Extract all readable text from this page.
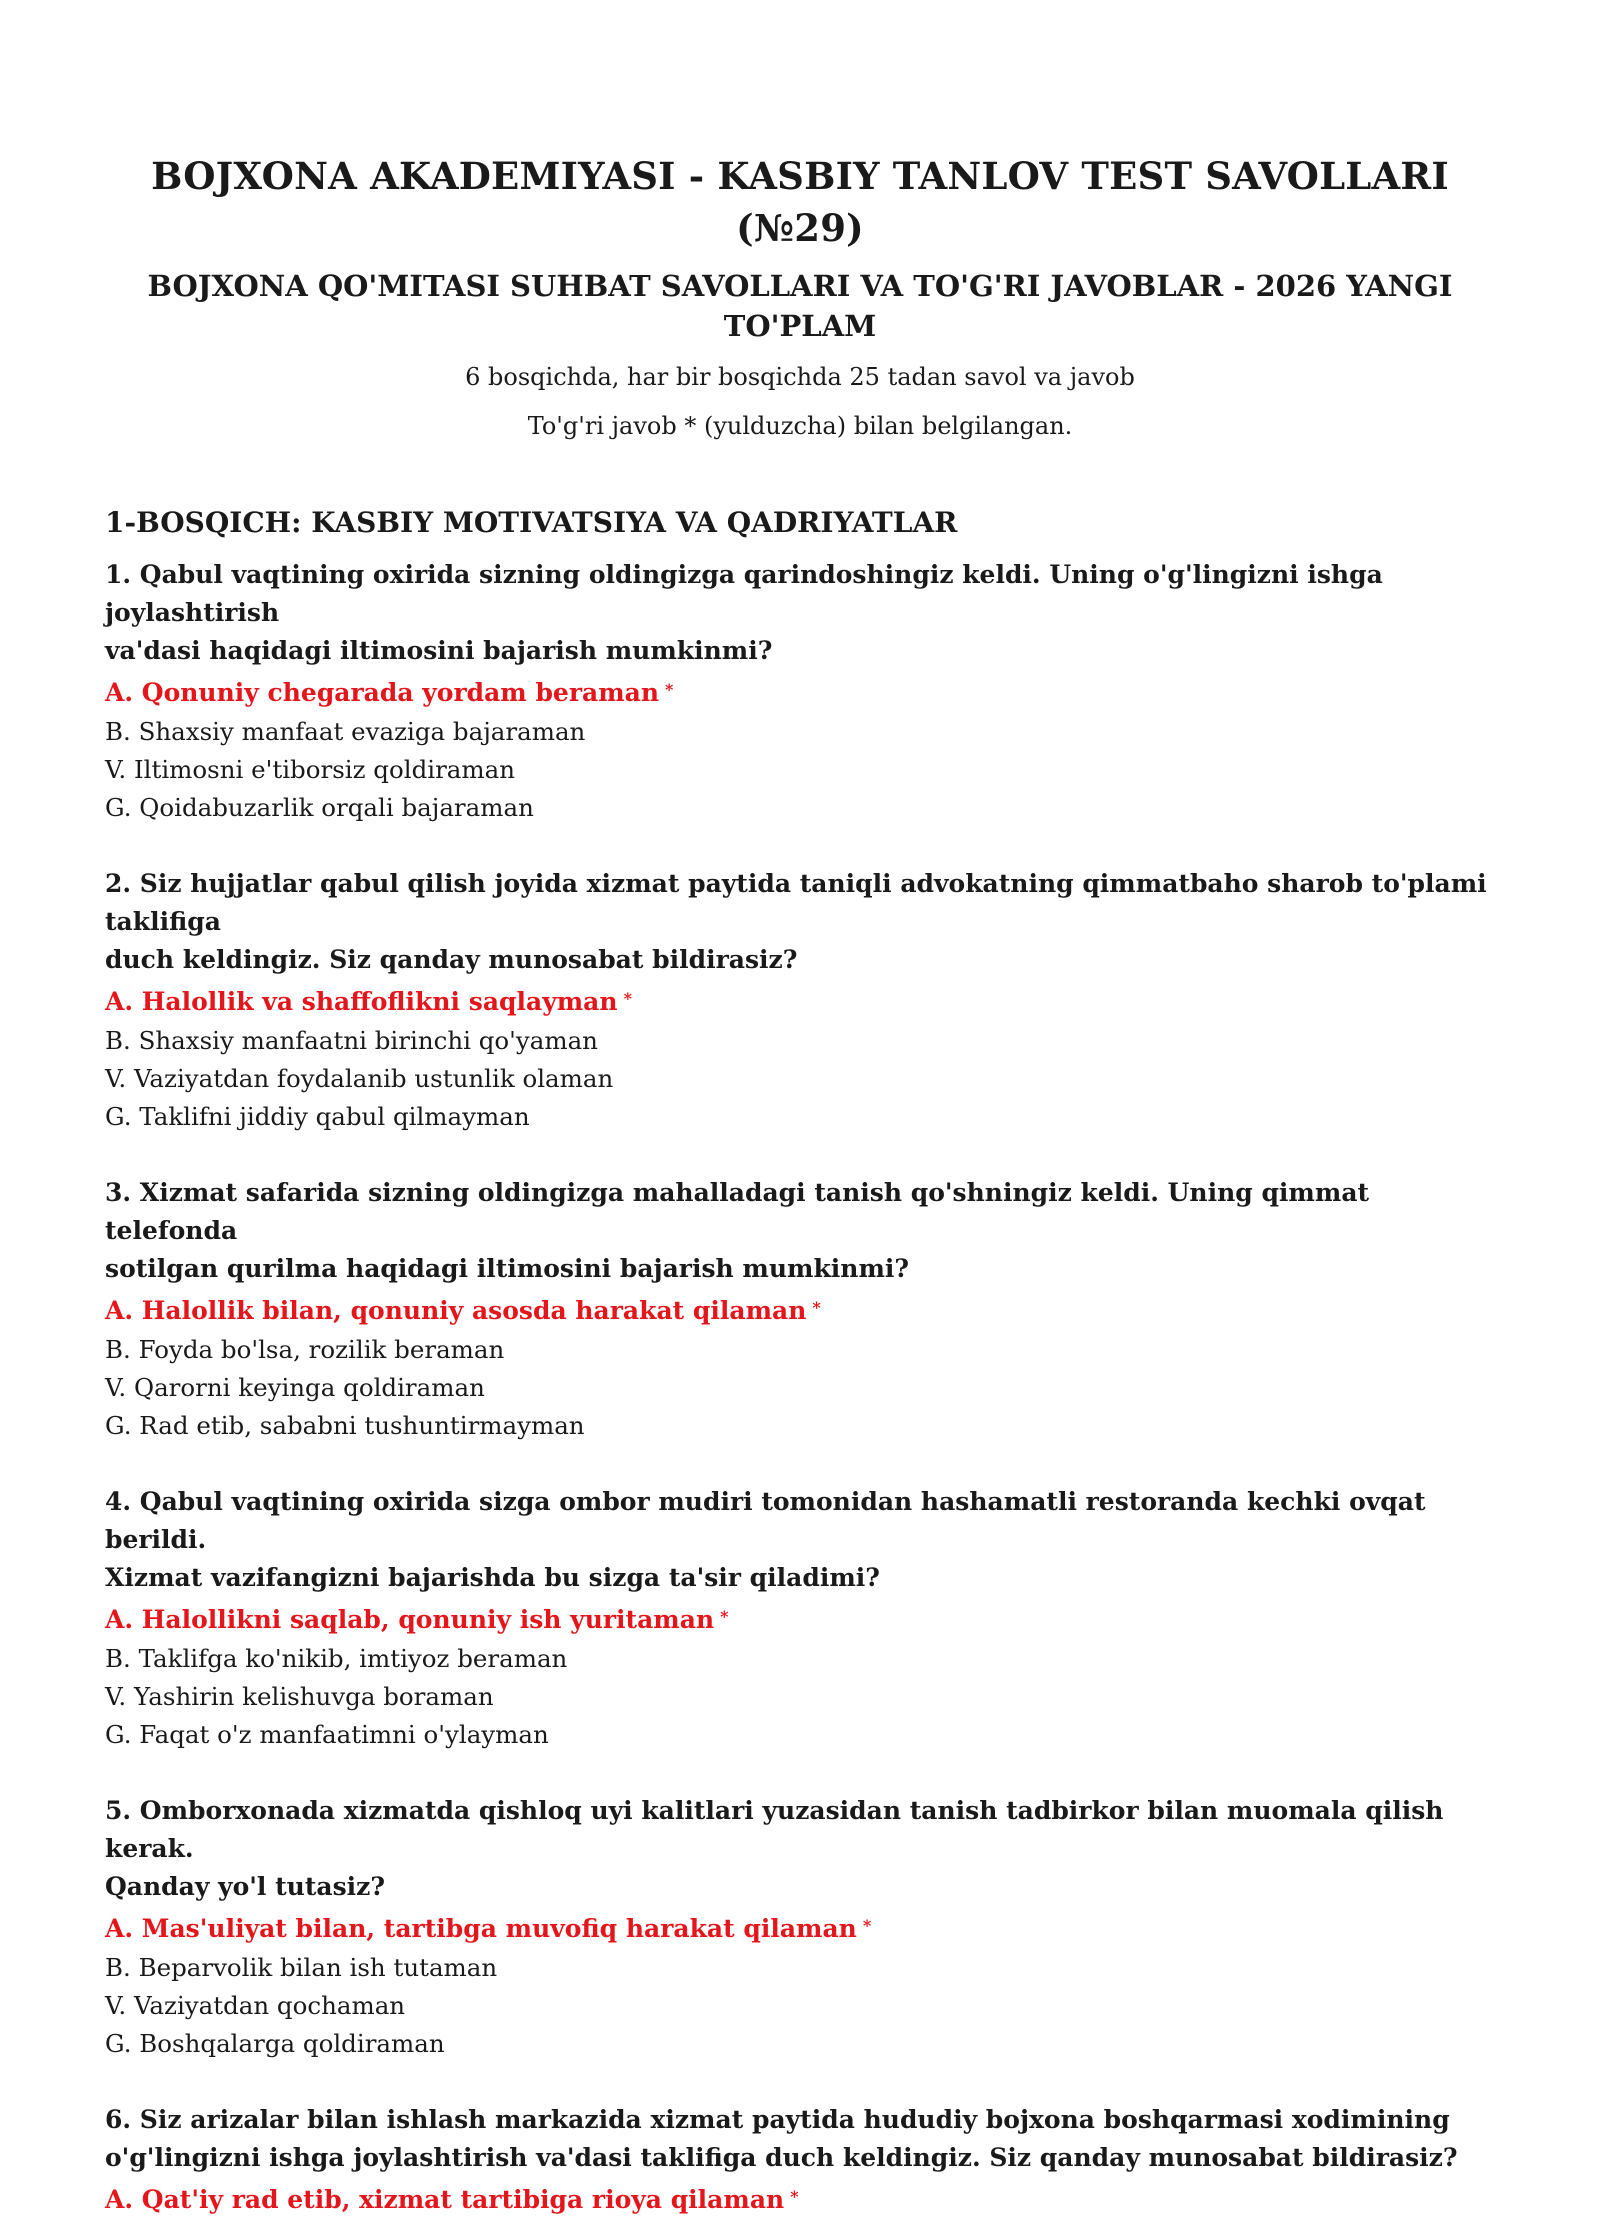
BOJXONA AKADEMIYASI - KASBIY TANLOV TEST SAVOLLARI (№29)
BOJXONA QO'MITASI SUHBAT SAVOLLARI VA TO'G'RI JAVOBLAR - 2026 YANGI TO'PLAM

6 bosqichda, har bir bosqichda 25 tadan savol va javob

To'g'ri javob * (yulduzcha) bilan belgilangan.

1-BOSQICH: KASBIY MOTIVATSIYA VA QADRIYATLAR

1. Qabul vaqtining oxirida sizning oldingizga qarindoshingiz keldi. Uning o'g'lingizni ishga joylashtirish
va'dasi haqidagi iltimosini bajarish mumkinmi?

A. Qonuniy chegarada yordam beraman *

B. Shaxsiy manfaat evaziga bajaraman

V. Iltimosni e'tiborsiz qoldiraman

G. Qoidabuzarlik orqali bajaraman

2. Siz hujjatlar qabul qilish joyida xizmat paytida taniqli advokatning qimmatbaho sharob to'plami taklifiga
duch keldingiz. Siz qanday munosabat bildirasiz?

A. Halollik va shaffoflikni saqlayman *

B. Shaxsiy manfaatni birinchi qo'yaman

V. Vaziyatdan foydalanib ustunlik olaman

G. Taklifni jiddiy qabul qilmayman

3. Xizmat safarida sizning oldingizga mahalladagi tanish qo'shningiz keldi. Uning qimmat telefonda
sotilgan qurilma haqidagi iltimosini bajarish mumkinmi?

A. Halollik bilan, qonuniy asosda harakat qilaman *

B. Foyda bo'lsa, rozilik beraman

V. Qarorni keyinga qoldiraman

G. Rad etib, sababni tushuntirmayman

4. Qabul vaqtining oxirida sizga ombor mudiri tomonidan hashamatli restoranda kechki ovqat berildi.
Xizmat vazifangizni bajarishda bu sizga ta'sir qiladimi?

A. Halollikni saqlab, qonuniy ish yuritaman *

B. Taklifga ko'nikib, imtiyoz beraman

V. Yashirin kelishuvga boraman

G. Faqat o'z manfaatimni o'ylayman

5. Omborxonada xizmatda qishloq uyi kalitlari yuzasidan tanish tadbirkor bilan muomala qilish kerak.
Qanday yo'l tutasiz?

A. Mas'uliyat bilan, tartibga muvofiq harakat qilaman *

B. Beparvolik bilan ish tutaman

V. Vaziyatdan qochaman

G. Boshqalarga qoldiraman

6. Siz arizalar bilan ishlash markazida xizmat paytida hududiy bojxona boshqarmasi xodimining
o'g'lingizni ishga joylashtirish va'dasi taklifiga duch keldingiz. Siz qanday munosabat bildirasiz?

A. Qat'iy rad etib, xizmat tartibiga rioya qilaman *
